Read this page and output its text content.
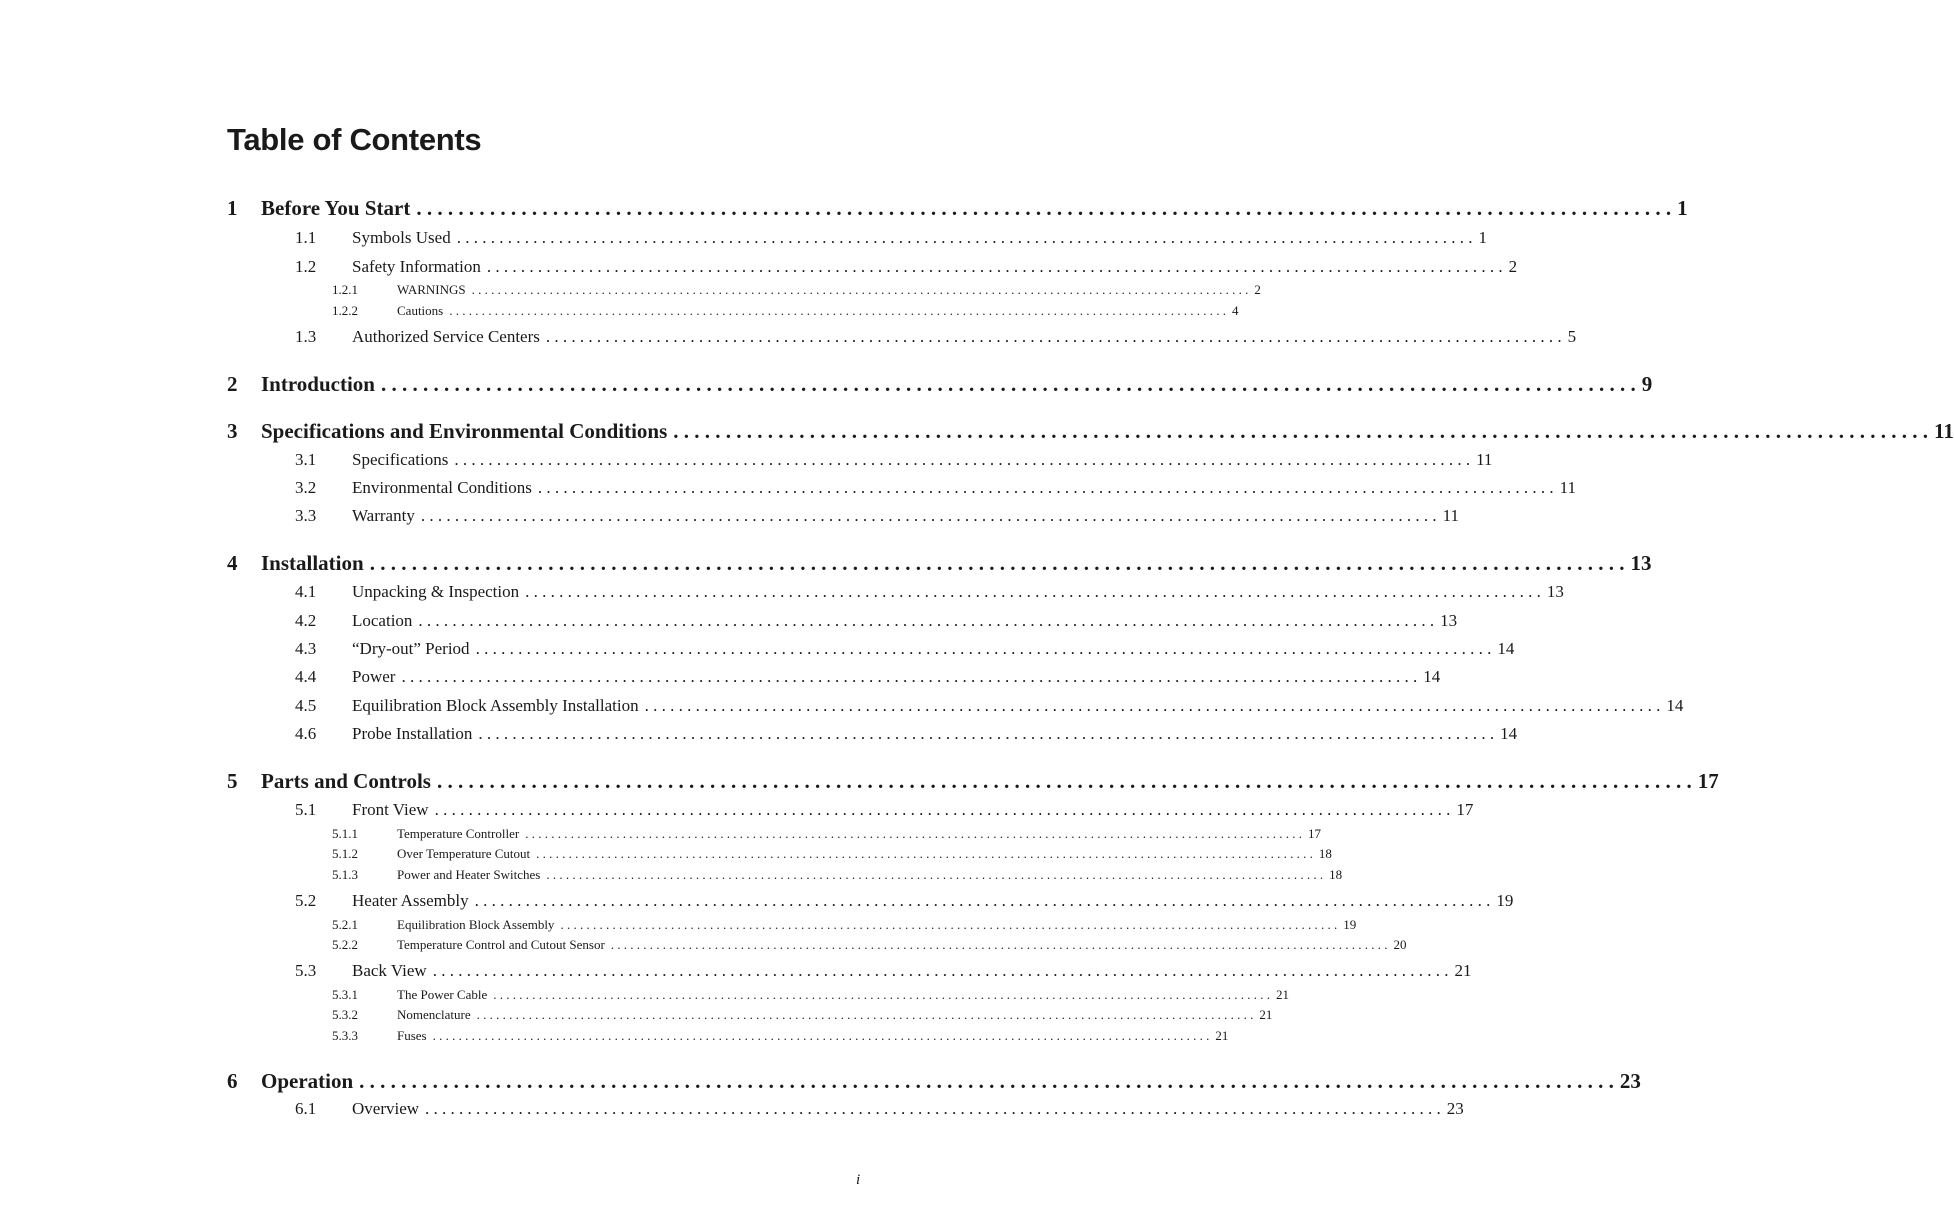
Table of Contents
1	Before You Start . . . . . . . . . . . . . . . . . . . . . . . . . . . . . . . . . . . . . . . . . . . . . . . . . . . . . . . . . . . . . . . . . . . . . . . . . . . . . . . . . . . . . . . . . . . . . . . . . . . . . . . . . . . . . . . . . . . . . . . . 1
1.1	Symbols Used . . . . . . . . . . . . . . . . . . . . . . . . . . . . . . . . . . . . . . . . . . . . . . . . . . . . . . . . . . . . . . . . . . . . . . . . . . . . . . . . . . . . . . . . . . . . . . . . . . . . . . . . . . . . . . . . . . . . . . . . 1
1.2	Safety Information . . . . . . . . . . . . . . . . . . . . . . . . . . . . . . . . . . . . . . . . . . . . . . . . . . . . . . . . . . . . . . . . . . . . . . . . . . . . . . . . . . . . . . . . . . . . . . . . . . . . . . . . . . . . . . . . . . . . . . . . 2
1.2.1	WARNINGS . . . . . . . . . . . . . . . . . . . . . . . . . . . . . . . . . . . . . . . . . . . . . . . . . . . . . . . . . . . . . . . . . . . . . . . . . . . . . . . . . . . . . . . . . . . . . . . . . . . . . . . . . . . . . . . . . . . . . . . . 2
1.2.2	Cautions . . . . . . . . . . . . . . . . . . . . . . . . . . . . . . . . . . . . . . . . . . . . . . . . . . . . . . . . . . . . . . . . . . . . . . . . . . . . . . . . . . . . . . . . . . . . . . . . . . . . . . . . . . . . . . . . . . . . . . . . 4
1.3	Authorized Service Centers . . . . . . . . . . . . . . . . . . . . . . . . . . . . . . . . . . . . . . . . . . . . . . . . . . . . . . . . . . . . . . . . . . . . . . . . . . . . . . . . . . . . . . . . . . . . . . . . . . . . . . . . . . . . . . . . . . . . . . . . 5
2	Introduction . . . . . . . . . . . . . . . . . . . . . . . . . . . . . . . . . . . . . . . . . . . . . . . . . . . . . . . . . . . . . . . . . . . . . . . . . . . . . . . . . . . . . . . . . . . . . . . . . . . . . . . . . . . . . . . . . . . . . . . . 9
3	Specifications and Environmental Conditions . . . . . . . . . . . . . . . . . . . . . . . . . . . . . . . . . . . . . . . . . . . . . . . . . . . . . . . . . . . . . . . . . . . . . . . . . . . . . . . . . . . . . . . . . . . . . . . . . . . . . . . . . . . . . . . . . . . . . . . . 11
3.1	Specifications . . . . . . . . . . . . . . . . . . . . . . . . . . . . . . . . . . . . . . . . . . . . . . . . . . . . . . . . . . . . . . . . . . . . . . . . . . . . . . . . . . . . . . . . . . . . . . . . . . . . . . . . . . . . . . . . . . . . . . . . 11
3.2	Environmental Conditions . . . . . . . . . . . . . . . . . . . . . . . . . . . . . . . . . . . . . . . . . . . . . . . . . . . . . . . . . . . . . . . . . . . . . . . . . . . . . . . . . . . . . . . . . . . . . . . . . . . . . . . . . . . . . . . . . . . . . . . . 11
3.3	Warranty . . . . . . . . . . . . . . . . . . . . . . . . . . . . . . . . . . . . . . . . . . . . . . . . . . . . . . . . . . . . . . . . . . . . . . . . . . . . . . . . . . . . . . . . . . . . . . . . . . . . . . . . . . . . . . . . . . . . . . . . 11
4	Installation . . . . . . . . . . . . . . . . . . . . . . . . . . . . . . . . . . . . . . . . . . . . . . . . . . . . . . . . . . . . . . . . . . . . . . . . . . . . . . . . . . . . . . . . . . . . . . . . . . . . . . . . . . . . . . . . . . . . . . . . 13
4.1	Unpacking & Inspection . . . . . . . . . . . . . . . . . . . . . . . . . . . . . . . . . . . . . . . . . . . . . . . . . . . . . . . . . . . . . . . . . . . . . . . . . . . . . . . . . . . . . . . . . . . . . . . . . . . . . . . . . . . . . . . . . . . . . . . . 13
4.2	Location . . . . . . . . . . . . . . . . . . . . . . . . . . . . . . . . . . . . . . . . . . . . . . . . . . . . . . . . . . . . . . . . . . . . . . . . . . . . . . . . . . . . . . . . . . . . . . . . . . . . . . . . . . . . . . . . . . . . . . . . 13
4.3	“Dry-out” Period . . . . . . . . . . . . . . . . . . . . . . . . . . . . . . . . . . . . . . . . . . . . . . . . . . . . . . . . . . . . . . . . . . . . . . . . . . . . . . . . . . . . . . . . . . . . . . . . . . . . . . . . . . . . . . . . . . . . . . . . 14
4.4	Power . . . . . . . . . . . . . . . . . . . . . . . . . . . . . . . . . . . . . . . . . . . . . . . . . . . . . . . . . . . . . . . . . . . . . . . . . . . . . . . . . . . . . . . . . . . . . . . . . . . . . . . . . . . . . . . . . . . . . . . . 14
4.5	Equilibration Block Assembly Installation . . . . . . . . . . . . . . . . . . . . . . . . . . . . . . . . . . . . . . . . . . . . . . . . . . . . . . . . . . . . . . . . . . . . . . . . . . . . . . . . . . . . . . . . . . . . . . . . . . . . . . . . . . . . . . . . . . . . . . . . 14
4.6	Probe Installation . . . . . . . . . . . . . . . . . . . . . . . . . . . . . . . . . . . . . . . . . . . . . . . . . . . . . . . . . . . . . . . . . . . . . . . . . . . . . . . . . . . . . . . . . . . . . . . . . . . . . . . . . . . . . . . . . . . . . . . . 14
5	Parts and Controls . . . . . . . . . . . . . . . . . . . . . . . . . . . . . . . . . . . . . . . . . . . . . . . . . . . . . . . . . . . . . . . . . . . . . . . . . . . . . . . . . . . . . . . . . . . . . . . . . . . . . . . . . . . . . . . . . . . . . . . . 17
5.1	Front View . . . . . . . . . . . . . . . . . . . . . . . . . . . . . . . . . . . . . . . . . . . . . . . . . . . . . . . . . . . . . . . . . . . . . . . . . . . . . . . . . . . . . . . . . . . . . . . . . . . . . . . . . . . . . . . . . . . . . . . . 17
5.1.1	Temperature Controller . . . . . . . . . . . . . . . . . . . . . . . . . . . . . . . . . . . . . . . . . . . . . . . . . . . . . . . . . . . . . . . . . . . . . . . . . . . . . . . . . . . . . . . . . . . . . . . . . . . . . . . . . . . . . . . . . . . . . . . . 17
5.1.2	Over Temperature Cutout . . . . . . . . . . . . . . . . . . . . . . . . . . . . . . . . . . . . . . . . . . . . . . . . . . . . . . . . . . . . . . . . . . . . . . . . . . . . . . . . . . . . . . . . . . . . . . . . . . . . . . . . . . . . . . . . . . . . . . . . 18
5.1.3	Power and Heater Switches . . . . . . . . . . . . . . . . . . . . . . . . . . . . . . . . . . . . . . . . . . . . . . . . . . . . . . . . . . . . . . . . . . . . . . . . . . . . . . . . . . . . . . . . . . . . . . . . . . . . . . . . . . . . . . . . . . . . . . . . 18
5.2	Heater Assembly . . . . . . . . . . . . . . . . . . . . . . . . . . . . . . . . . . . . . . . . . . . . . . . . . . . . . . . . . . . . . . . . . . . . . . . . . . . . . . . . . . . . . . . . . . . . . . . . . . . . . . . . . . . . . . . . . . . . . . . . 19
5.2.1	Equilibration Block Assembly . . . . . . . . . . . . . . . . . . . . . . . . . . . . . . . . . . . . . . . . . . . . . . . . . . . . . . . . . . . . . . . . . . . . . . . . . . . . . . . . . . . . . . . . . . . . . . . . . . . . . . . . . . . . . . . . . . . . . . . . 19
5.2.2	Temperature Control and Cutout Sensor . . . . . . . . . . . . . . . . . . . . . . . . . . . . . . . . . . . . . . . . . . . . . . . . . . . . . . . . . . . . . . . . . . . . . . . . . . . . . . . . . . . . . . . . . . . . . . . . . . . . . . . . . . . . . . . . . . . . . . . . 20
5.3	Back View . . . . . . . . . . . . . . . . . . . . . . . . . . . . . . . . . . . . . . . . . . . . . . . . . . . . . . . . . . . . . . . . . . . . . . . . . . . . . . . . . . . . . . . . . . . . . . . . . . . . . . . . . . . . . . . . . . . . . . . . 21
5.3.1	The Power Cable . . . . . . . . . . . . . . . . . . . . . . . . . . . . . . . . . . . . . . . . . . . . . . . . . . . . . . . . . . . . . . . . . . . . . . . . . . . . . . . . . . . . . . . . . . . . . . . . . . . . . . . . . . . . . . . . . . . . . . . . 21
5.3.2	Nomenclature . . . . . . . . . . . . . . . . . . . . . . . . . . . . . . . . . . . . . . . . . . . . . . . . . . . . . . . . . . . . . . . . . . . . . . . . . . . . . . . . . . . . . . . . . . . . . . . . . . . . . . . . . . . . . . . . . . . . . . . . 21
5.3.3	Fuses . . . . . . . . . . . . . . . . . . . . . . . . . . . . . . . . . . . . . . . . . . . . . . . . . . . . . . . . . . . . . . . . . . . . . . . . . . . . . . . . . . . . . . . . . . . . . . . . . . . . . . . . . . . . . . . . . . . . . . . . 21
6	Operation . . . . . . . . . . . . . . . . . . . . . . . . . . . . . . . . . . . . . . . . . . . . . . . . . . . . . . . . . . . . . . . . . . . . . . . . . . . . . . . . . . . . . . . . . . . . . . . . . . . . . . . . . . . . . . . . . . . . . . . . 23
6.1	Overview . . . . . . . . . . . . . . . . . . . . . . . . . . . . . . . . . . . . . . . . . . . . . . . . . . . . . . . . . . . . . . . . . . . . . . . . . . . . . . . . . . . . . . . . . . . . . . . . . . . . . . . . . . . . . . . . . . . . . . . . 23
i
